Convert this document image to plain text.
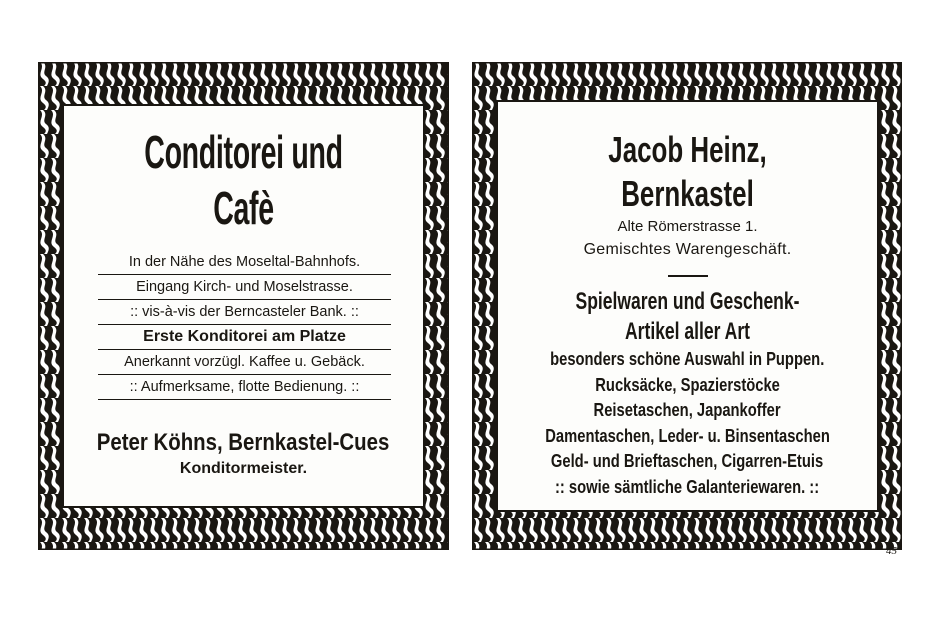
Conditorei und Cafè
In der Nähe des Moseltal-Bahnhofs.
Eingang Kirch- und Moselstrasse.
:: vis-à-vis der Berncasteler Bank. ::
Erste Konditorei am Platze
Anerkannt vorzügl. Kaffee u. Gebäck.
:: Aufmerksame, flotte Bedienung. ::
Peter Köhns, Bernkastel-Cues
Konditormeister.
Jacob Heinz, Bernkastel
Alte Römerstrasse 1.
Gemischtes Warengeschäft.
Spielwaren und Geschenk-Artikel aller Art
besonders schöne Auswahl in Puppen.
Rucksäcke, Spazierstöcke
Reisetaschen, Japankoffer
Damentaschen, Leder- u. Binsentaschen
Geld- und Brieftaschen, Cigarren-Etuis
:: sowie sämtliche Galanteriewaren. ::
45
